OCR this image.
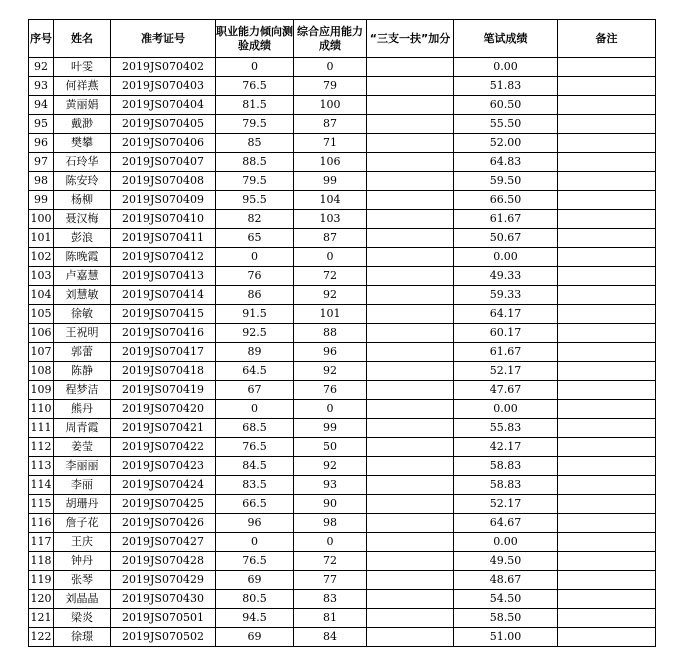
序号	姓名	准考证号	职业能力倾向测验成绩	综合应用能力成绩	“三支一扶”加分	笔试成绩	备注
92	叶雯	2019JS070402	0	0		0.00	
93	何祥燕	2019JS070403	76.5	79		51.83	
94	黄丽娟	2019JS070404	81.5	100		60.50	
95	戴渺	2019JS070405	79.5	87		55.50	
96	樊攀	2019JS070406	85	71		52.00	
97	石玲华	2019JS070407	88.5	106		64.83	
98	陈安玲	2019JS070408	79.5	99		59.50	
99	杨柳	2019JS070409	95.5	104		66.50	
100	聂汉梅	2019JS070410	82	103		61.67	
101	彭浪	2019JS070411	65	87		50.67	
102	陈晚霞	2019JS070412	0	0		0.00	
103	卢嘉慧	2019JS070413	76	72		49.33	
104	刘慧敏	2019JS070414	86	92		59.33	
105	徐敏	2019JS070415	91.5	101		64.17	
106	王祝明	2019JS070416	92.5	88		60.17	
107	郭蕾	2019JS070417	89	96		61.67	
108	陈静	2019JS070418	64.5	92		52.17	
109	程梦洁	2019JS070419	67	76		47.67	
110	熊丹	2019JS070420	0	0		0.00	
111	周青霞	2019JS070421	68.5	99		55.83	
112	姜莹	2019JS070422	76.5	50		42.17	
113	李丽丽	2019JS070423	84.5	92		58.83	
114	李丽	2019JS070424	83.5	93		58.83	
115	胡珊丹	2019JS070425	66.5	90		52.17	
116	詹子花	2019JS070426	96	98		64.67	
117	王庆	2019JS070427	0	0		0.00	
118	钟丹	2019JS070428	76.5	72		49.50	
119	张琴	2019JS070429	69	77		48.67	
120	刘晶晶	2019JS070430	80.5	83		54.50	
121	梁炎	2019JS070501	94.5	81		58.50	
122	徐璟	2019JS070502	69	84		51.00	
